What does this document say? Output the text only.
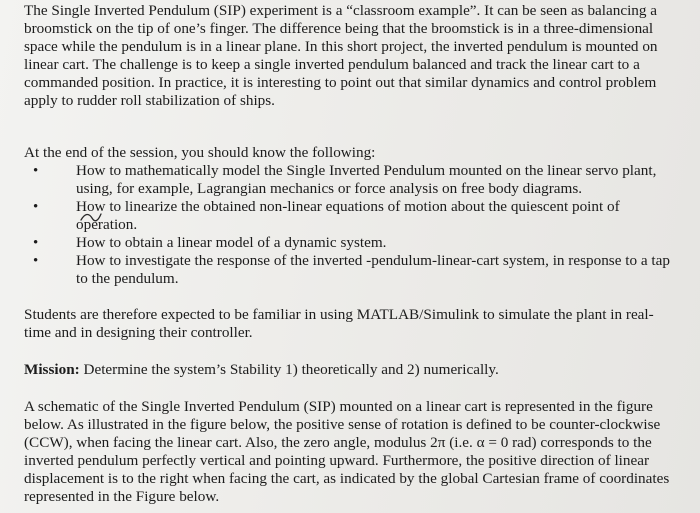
The Single Inverted Pendulum (SIP) experiment is a “classroom example”. It can be seen as balancing a
broomstick on the tip of one’s finger. The difference being that the broomstick is in a three-dimensional
space while the pendulum is in a linear plane. In this short project, the inverted pendulum is mounted on
linear cart. The challenge is to keep a single inverted pendulum balanced and track the linear cart to a
commanded position. In practice, it is interesting to point out that similar dynamics and control problem
apply to rudder roll stabilization of ships.

At the end of the session, you should know the following:

• How to mathematically model the Single Inverted Pendulum mounted on the linear servo plant,
using, for example, Lagrangian mechanics or force analysis on free body diagrams.
• How to linearize the obtained non-linear equations of motion about the quiescent point of
operation.
• How to obtain a linear model of a dynamic system.
• How to investigate the response of the inverted -pendulum-linear-cart system, in response to a tap
to the pendulum.

Students are therefore expected to be familiar in using MATLAB/Simulink to simulate the plant in real-
time and in designing their controller.

Mission: Determine the system’s Stability 1) theoretically and 2) numerically.

A schematic of the Single Inverted Pendulum (SIP) mounted on a linear cart is represented in the figure
below. As illustrated in the figure below, the positive sense of rotation is defined to be counter-clockwise
(CCW), when facing the linear cart. Also, the zero angle, modulus 2π (i.e. α = 0 rad) corresponds to the
inverted pendulum perfectly vertical and pointing upward. Furthermore, the positive direction of linear
displacement is to the right when facing the cart, as indicated by the global Cartesian frame of coordinates
represented in the Figure below.
